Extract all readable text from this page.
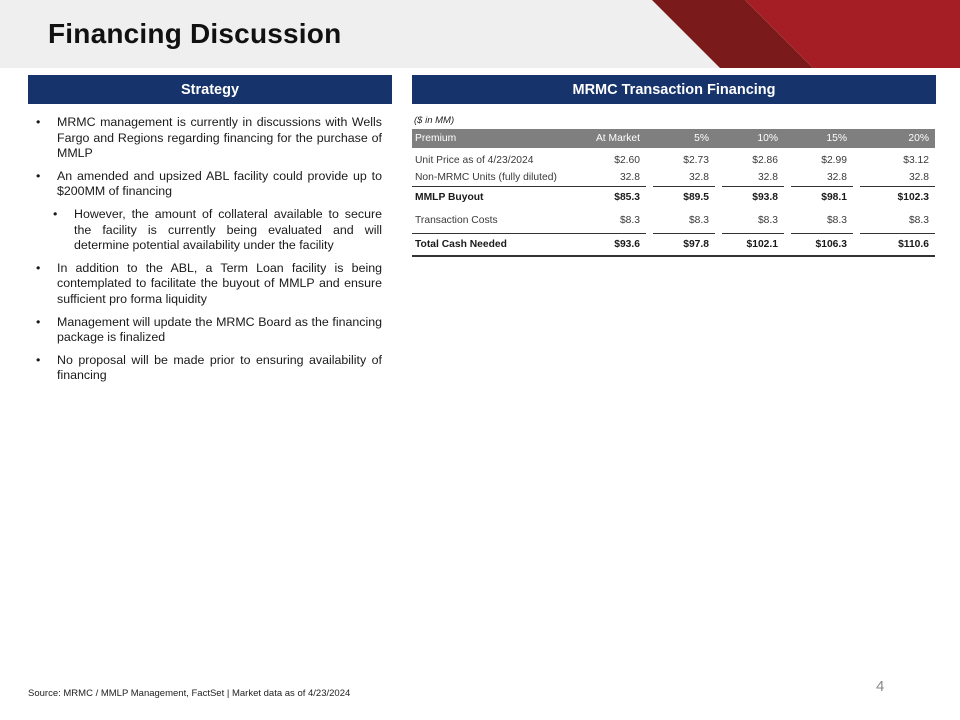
Financing Discussion
Strategy	MRMC Transaction Financing
• MRMC management is currently in discussions with Wells Fargo and Regions regarding financing for the purchase of MMLP
• An amended and upsized ABL facility could provide up to $200MM of financing
• However, the amount of collateral available to secure the facility is currently being evaluated and will determine potential availability under the facility
• In addition to the ABL, a Term Loan facility is being contemplated to facilitate the buyout of MMLP and ensure sufficient pro forma liquidity
• Management will update the MRMC Board as the financing package is finalized
• No proposal will be made prior to ensuring availability of financing
($ in MM)
Premium	At Market		5%		10%		15%		20%

Unit Price as of 4/23/2024	$2.60		$2.73		$2.86		$2.99		$3.12
Non-MRMC Units (fully diluted)	32.8		32.8		32.8		32.8		32.8
MMLP Buyout	$85.3		$89.5		$93.8		$98.1		$102.3
Transaction Costs	$8.3		$8.3		$8.3		$8.3		$8.3
Total Cash Needed	$93.6		$97.8		$102.1		$106.3		$110.6
Source: MRMC / MMLP Management, FactSet | Market data as of 4/23/2024	4
